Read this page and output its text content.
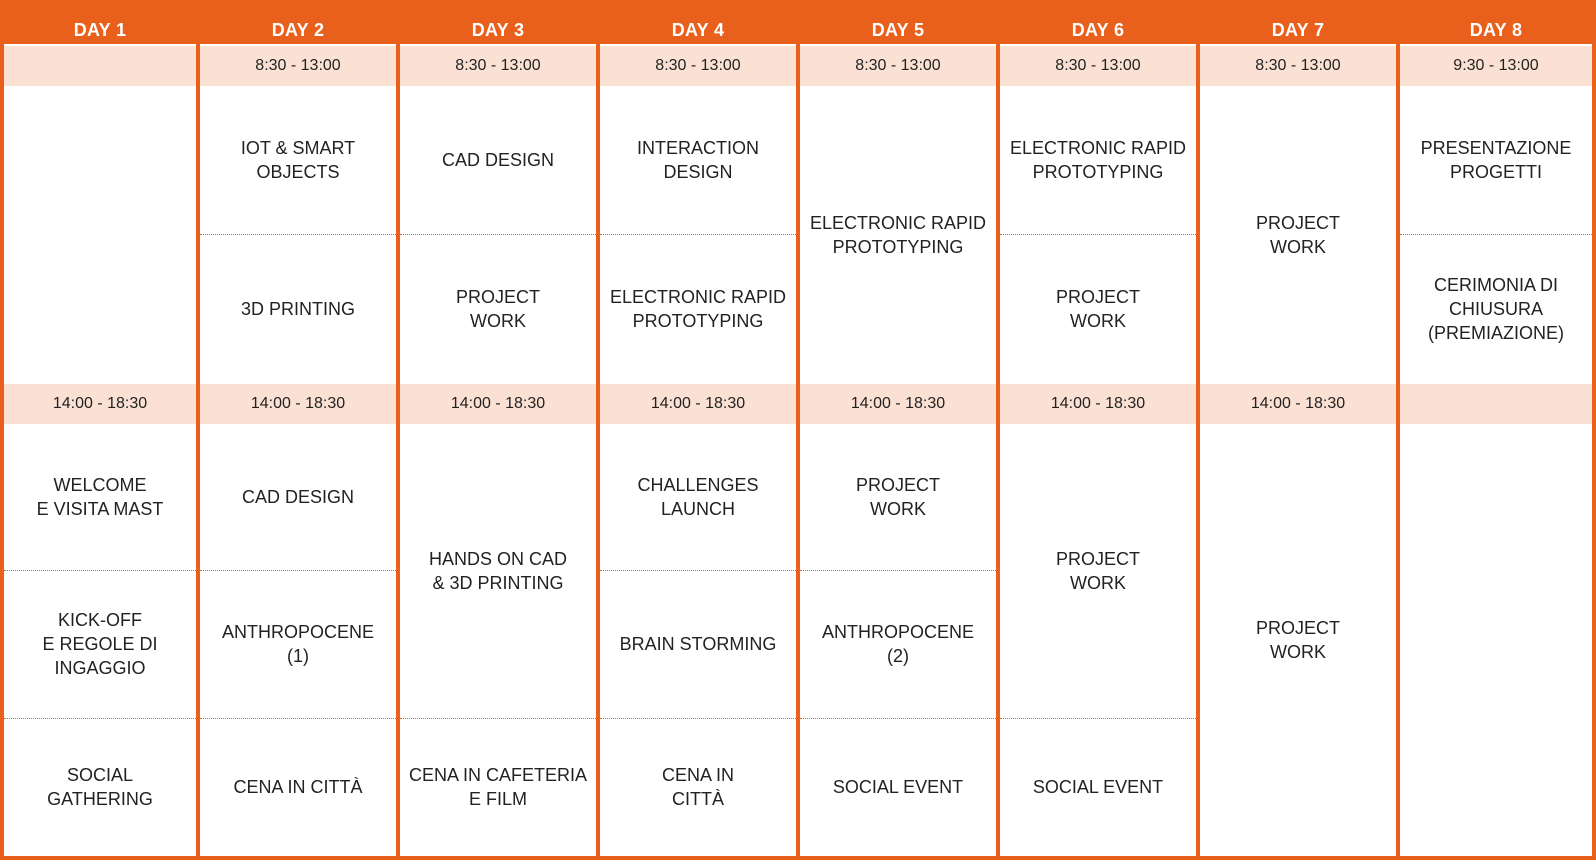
DAY 1
14:00 - 18:30
WELCOME
E VISITA MAST
KICK-OFF
E REGOLE DI
INGAGGIO
SOCIAL
GATHERING
DAY 2
8:30 - 13:00
14:00 - 18:30
IOT & SMART
OBJECTS
3D PRINTING
CAD DESIGN
ANTHROPOCENE
(1)
CENA IN CITTÀ
DAY 3
8:30 - 13:00
14:00 - 18:30
CAD DESIGN
PROJECT
WORK
HANDS ON CAD
& 3D PRINTING
CENA IN CAFETERIA
E FILM
DAY 4
8:30 - 13:00
14:00 - 18:30
INTERACTION
DESIGN
ELECTRONIC RAPID
PROTOTYPING
CHALLENGES
LAUNCH
BRAIN STORMING
CENA IN
CITTÀ
DAY 5
8:30 - 13:00
14:00 - 18:30
ELECTRONIC RAPID
PROTOTYPING
PROJECT
WORK
ANTHROPOCENE
(2)
SOCIAL EVENT
DAY 6
8:30 - 13:00
14:00 - 18:30
ELECTRONIC RAPID
PROTOTYPING
PROJECT
WORK
PROJECT
WORK
SOCIAL EVENT
DAY 7
8:30 - 13:00
14:00 - 18:30
PROJECT
WORK
PROJECT
WORK
DAY 8
9:30 - 13:00
PRESENTAZIONE
PROGETTI
CERIMONIA DI
CHIUSURA
(PREMIAZIONE)
